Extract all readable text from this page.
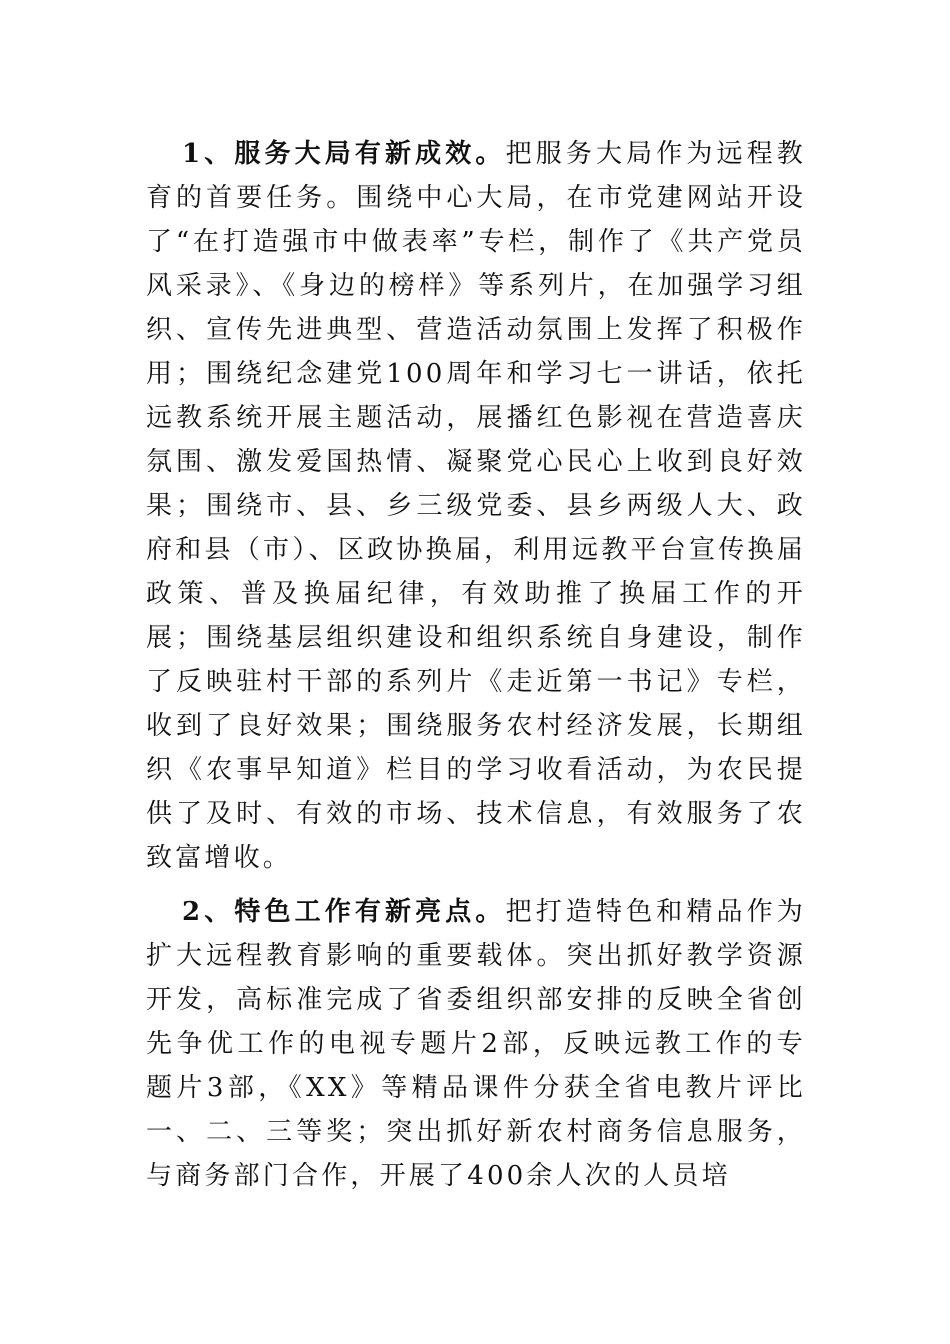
1、服务大局有新成效。把服务大局作为远程教育的首要任务。围绕中心大局，在市党建网站开设了“在打造强市中做表率”专栏，制作了《共产党员风采录》、《身边的榜样》等系列片，在加强学习组织、宣传先进典型、营造活动氛围上发挥了积极作用；围绕纪念建党100周年和学习七一讲话，依托远教系统开展主题活动，展播红色影视在营造喜庆氛围、激发爱国热情、凝聚党心民心上收到良好效果；围绕市、县、乡三级党委、县乡两级人大、政府和县（市）、区政协换届，利用远教平台宣传换届政策、普及换届纪律，有效助推了换届工作的开展；围绕基层组织建设和组织系统自身建设，制作了反映驻村干部的系列片《走近第一书记》专栏，收到了良好效果；围绕服务农村经济发展，长期组织《农事早知道》栏目的学习收看活动，为农民提供了及时、有效的市场、技术信息，有效服务了农致富增收。

2、特色工作有新亮点。把打造特色和精品作为扩大远程教育影响的重要载体。突出抓好教学资源开发，高标准完成了省委组织部安排的反映全省创先争优工作的电视专题片2部，反映远教工作的专题片3部，《XX》等精品课件分获全省电教片评比一、二、三等奖；突出抓好新农村商务信息服务，与商务部门合作，开展了400余人次的人员培
